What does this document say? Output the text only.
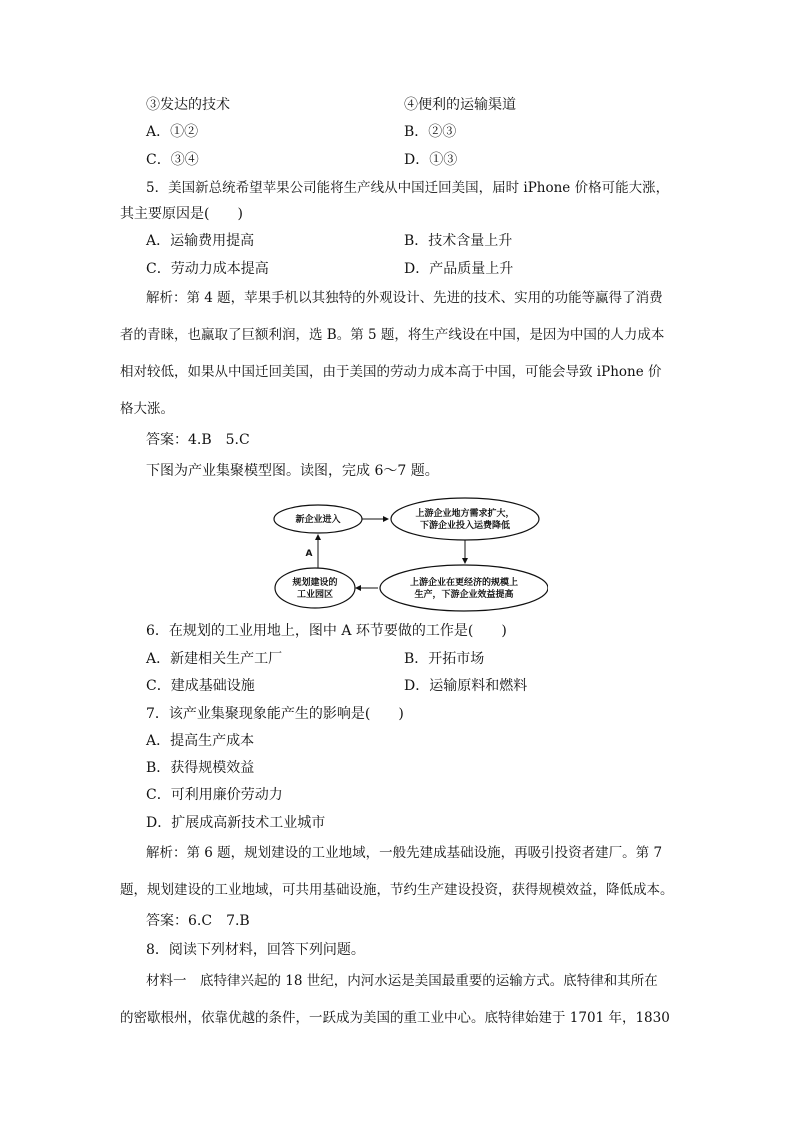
③发达的技术	④便利的运输渠道
A．①②	B．②③
C．③④	D．①③
5．美国新总统希望苹果公司能将生产线从中国迁回美国，届时 iPhone 价格可能大涨，
其主要原因是(　　)
A．运输费用提高	B．技术含量上升
C．劳动力成本提高	D．产品质量上升
解析：第 4 题，苹果手机以其独特的外观设计、先进的技术、实用的功能等赢得了消费
者的青睐，也赢取了巨额利润，选 B。第 5 题，将生产线设在中国，是因为中国的人力成本
相对较低，如果从中国迁回美国，由于美国的劳动力成本高于中国，可能会导致 iPhone 价
格大涨。
答案：4.B　5.C
下图为产业集聚模型图。读图，完成 6～7 题。
新企业进入
上游企业地方需求扩大，
下游企业投入运费降低
规划建设的
工业园区
上游企业在更经济的规模上
生产，下游企业效益提高
A
6．在规划的工业用地上，图中 A 环节要做的工作是(　　)
A．新建相关生产工厂	B．开拓市场
C．建成基础设施	D．运输原料和燃料
7．该产业集聚现象能产生的影响是(　　)
A．提高生产成本
B．获得规模效益
C．可利用廉价劳动力
D．扩展成高新技术工业城市
解析：第 6 题，规划建设的工业地域，一般先建成基础设施，再吸引投资者建厂。第 7
题，规划建设的工业地域，可共用基础设施，节约生产建设投资，获得规模效益，降低成本。
答案：6.C　7.B
8．阅读下列材料，回答下列问题。
材料一　底特律兴起的 18 世纪，内河水运是美国最重要的运输方式。底特律和其所在
的密歇根州，依靠优越的条件，一跃成为美国的重工业中心。底特律始建于 1701 年，1830
